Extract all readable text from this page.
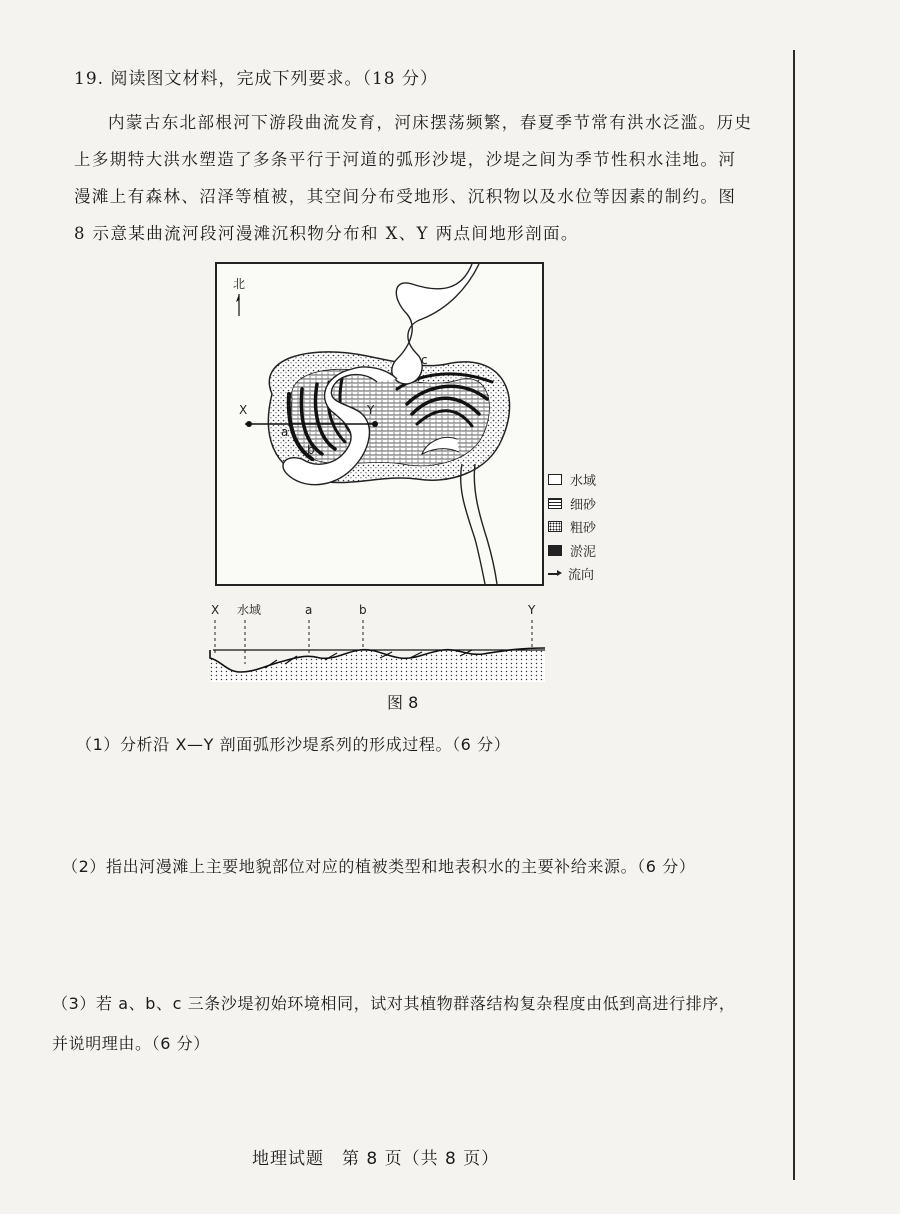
19. 阅读图文材料，完成下列要求。（18 分）
内蒙古东北部根河下游段曲流发育，河床摆荡频繁，春夏季节常有洪水泛滥。历史上多期特大洪水塑造了多条平行于河道的弧形沙堤，沙堤之间为季节性积水洼地。河漫滩上有森林、沼泽等植被，其空间分布受地形、沉积物以及水位等因素的制约。图 8 示意某曲流河段河漫滩沉积物分布和 X、Y 两点间地形剖面。
北
X	Y
a
b
c
水域
细砂
粗砂
淤泥
流向
X 水域	a	b	Y
图 8
（1）分析沿 X—Y 剖面弧形沙堤系列的形成过程。（6 分）
（2）指出河漫滩上主要地貌部位对应的植被类型和地表积水的主要补给来源。（6 分）
（3）若 a、b、c 三条沙堤初始环境相同，试对其植物群落结构复杂程度由低到高进行排序，并说明理由。（6 分）
地理试题　第 8 页（共 8 页）
